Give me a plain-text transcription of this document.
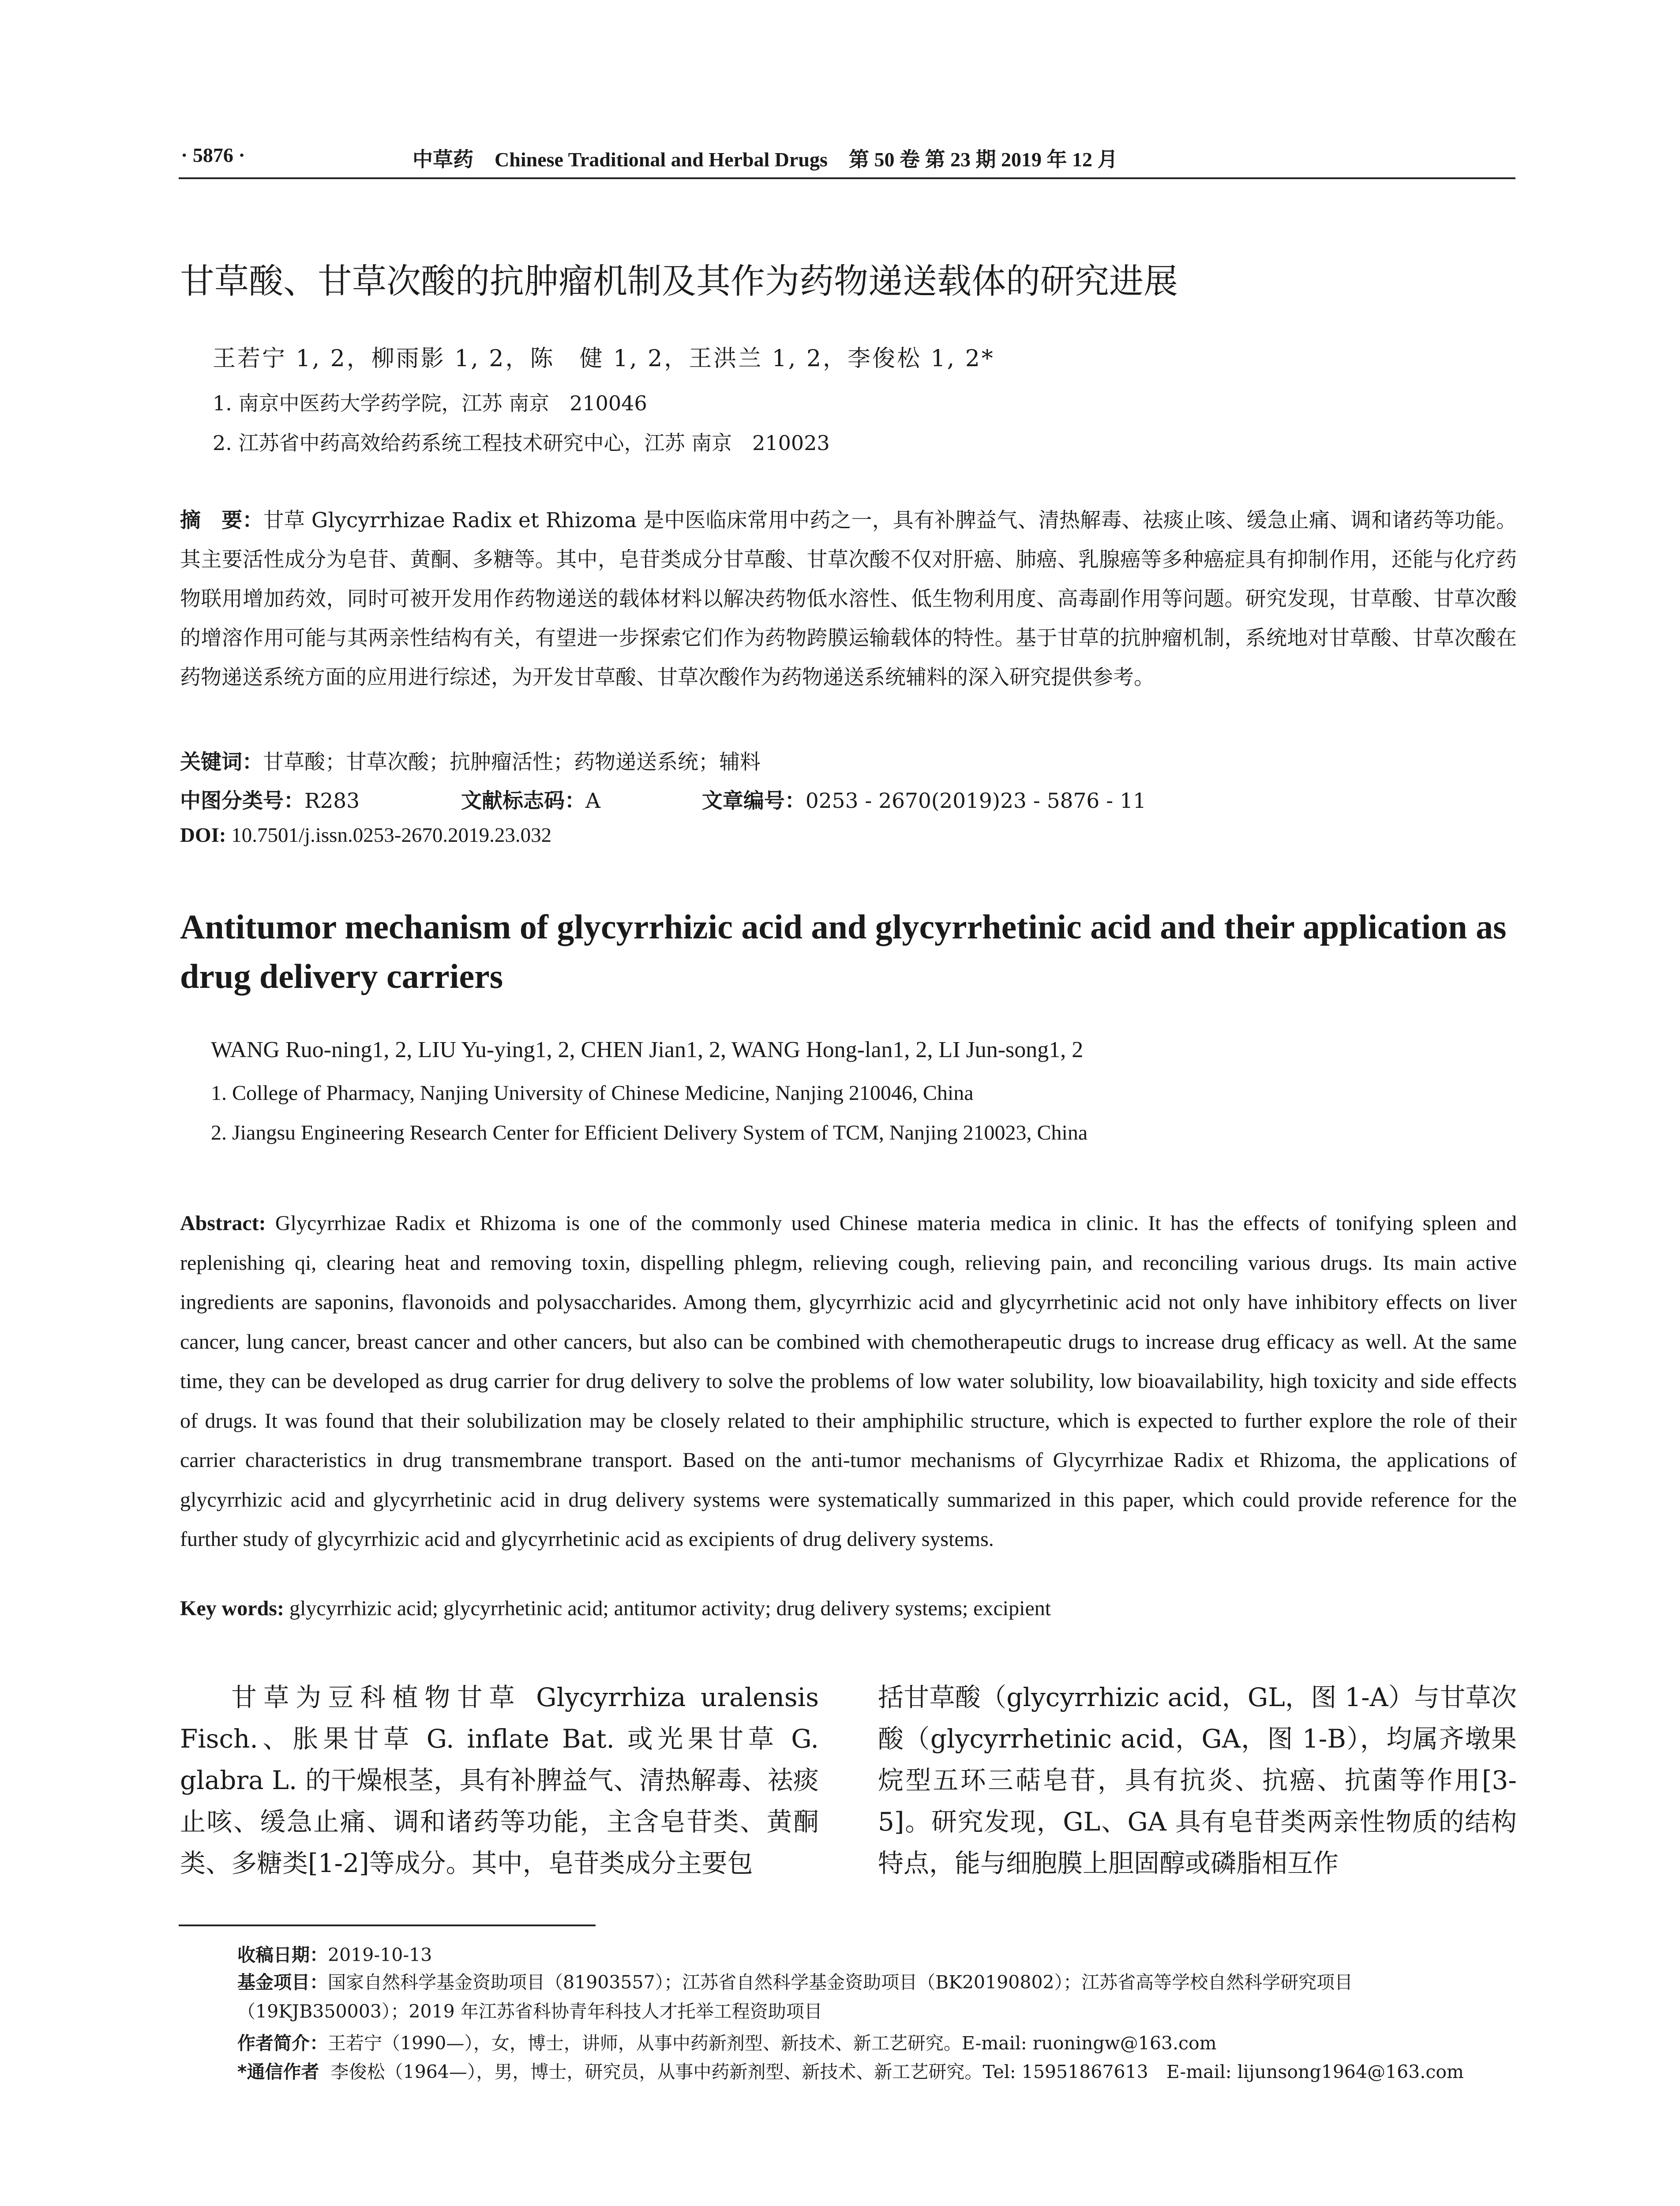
· 5876 ·	中草药 Chinese Traditional and Herbal Drugs 第 50 卷 第 23 期 2019 年 12 月
甘草酸、甘草次酸的抗肿瘤机制及其作为药物递送载体的研究进展
王若宁 1, 2，柳雨影 1, 2，陈　健 1, 2，王洪兰 1, 2，李俊松 1, 2*
1. 南京中医药大学药学院，江苏 南京　210046
2. 江苏省中药高效给药系统工程技术研究中心，江苏 南京　210023
摘　要：甘草 Glycyrrhizae Radix et Rhizoma 是中医临床常用中药之一，具有补脾益气、清热解毒、祛痰止咳、缓急止痛、调和诸药等功能。其主要活性成分为皂苷、黄酮、多糖等。其中，皂苷类成分甘草酸、甘草次酸不仅对肝癌、肺癌、乳腺癌等多种癌症具有抑制作用，还能与化疗药物联用增加药效，同时可被开发用作药物递送的载体材料以解决药物低水溶性、低生物利用度、高毒副作用等问题。研究发现，甘草酸、甘草次酸的增溶作用可能与其两亲性结构有关，有望进一步探索它们作为药物跨膜运输载体的特性。基于甘草的抗肿瘤机制，系统地对甘草酸、甘草次酸在药物递送系统方面的应用进行综述，为开发甘草酸、甘草次酸作为药物递送系统辅料的深入研究提供参考。
关键词：甘草酸；甘草次酸；抗肿瘤活性；药物递送系统；辅料
中图分类号：R283	文献标志码：A	文章编号：0253 - 2670(2019)23 - 5876 - 11
DOI: 10.7501/j.issn.0253-2670.2019.23.032
Antitumor mechanism of glycyrrhizic acid and glycyrrhetinic acid and their application as drug delivery carriers
WANG Ruo-ning1, 2, LIU Yu-ying1, 2, CHEN Jian1, 2, WANG Hong-lan1, 2, LI Jun-song1, 2
1. College of Pharmacy, Nanjing University of Chinese Medicine, Nanjing 210046, China
2. Jiangsu Engineering Research Center for Efficient Delivery System of TCM, Nanjing 210023, China
Abstract: Glycyrrhizae Radix et Rhizoma is one of the commonly used Chinese materia medica in clinic. It has the effects of tonifying spleen and replenishing qi, clearing heat and removing toxin, dispelling phlegm, relieving cough, relieving pain, and reconciling various drugs. Its main active ingredients are saponins, flavonoids and polysaccharides. Among them, glycyrrhizic acid and glycyrrhetinic acid not only have inhibitory effects on liver cancer, lung cancer, breast cancer and other cancers, but also can be combined with chemotherapeutic drugs to increase drug efficacy as well. At the same time, they can be developed as drug carrier for drug delivery to solve the problems of low water solubility, low bioavailability, high toxicity and side effects of drugs. It was found that their solubilization may be closely related to their amphiphilic structure, which is expected to further explore the role of their carrier characteristics in drug transmembrane transport. Based on the anti-tumor mechanisms of Glycyrrhizae Radix et Rhizoma, the applications of glycyrrhizic acid and glycyrrhetinic acid in drug delivery systems were systematically summarized in this paper, which could provide reference for the further study of glycyrrhizic acid and glycyrrhetinic acid as excipients of drug delivery systems.
Key words: glycyrrhizic acid; glycyrrhetinic acid; antitumor activity; drug delivery systems; excipient
甘草为豆科植物甘草 Glycyrrhiza uralensis Fisch.、胀果甘草 G. inflate Bat. 或光果甘草 G. glabra L. 的干燥根茎，具有补脾益气、清热解毒、祛痰止咳、缓急止痛、调和诸药等功能，主含皂苷类、黄酮类、多糖类[1-2]等成分。其中，皂苷类成分主要包
括甘草酸（glycyrrhizic acid，GL，图 1-A）与甘草次酸（glycyrrhetinic acid，GA，图 1-B），均属齐墩果烷型五环三萜皂苷，具有抗炎、抗癌、抗菌等作用[3-5]。研究发现，GL、GA 具有皂苷类两亲性物质的结构特点，能与细胞膜上胆固醇或磷脂相互作
收稿日期：2019-10-13
基金项目：国家自然科学基金资助项目（81903557）；江苏省自然科学基金资助项目（BK20190802）；江苏省高等学校自然科学研究项目（19KJB350003）；2019 年江苏省科协青年科技人才托举工程资助项目
作者简介：王若宁（1990—），女，博士，讲师，从事中药新剂型、新技术、新工艺研究。E-mail: ruoningw@163.com
*通信作者 李俊松（1964—），男，博士，研究员，从事中药新剂型、新技术、新工艺研究。Tel: 15951867613　E-mail: lijunsong1964@163.com
